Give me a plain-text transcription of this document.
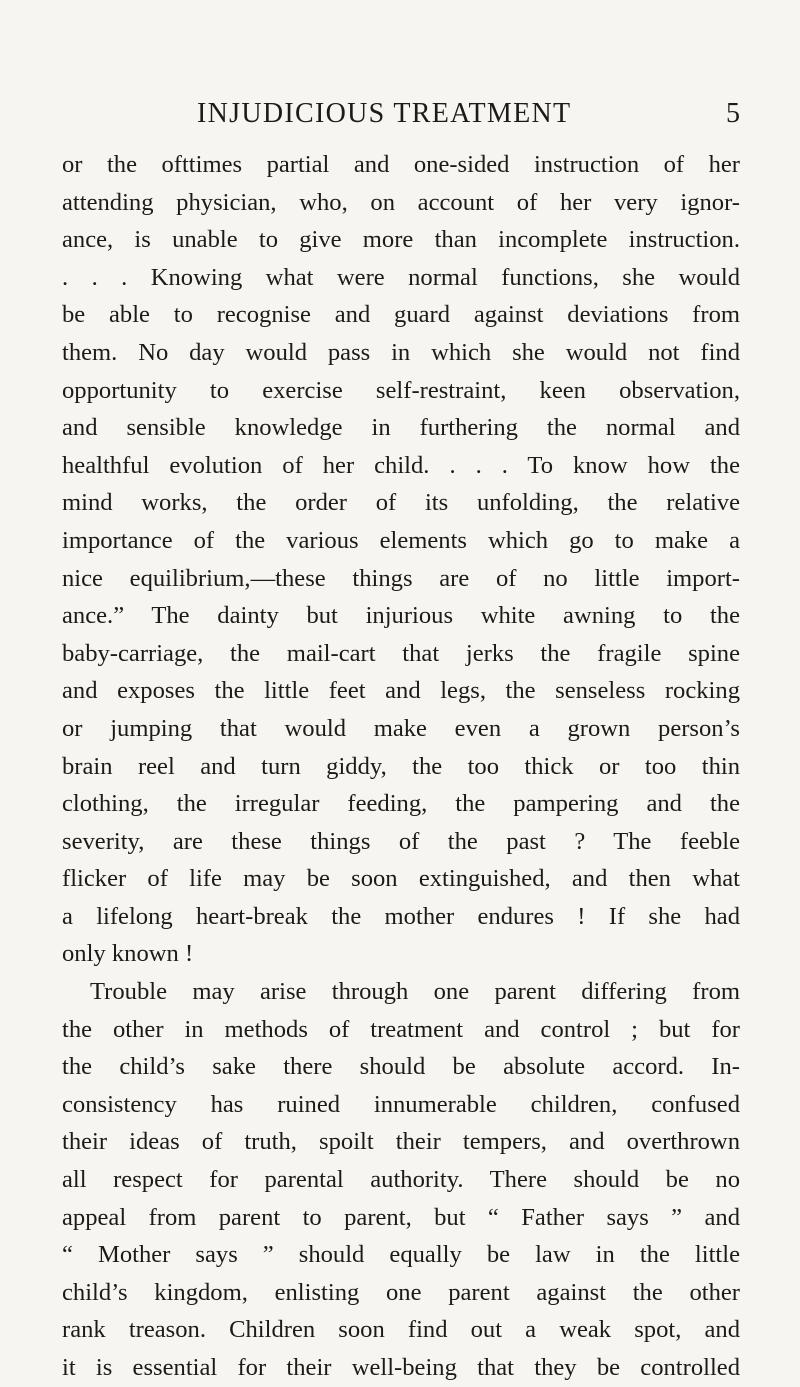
INJUDICIOUS TREATMENT	5
or the ofttimes partial and one-sided instruction of her
attending physician, who, on account of her very ignor-
ance, is unable to give more than incomplete instruction.
. . . Knowing what were normal functions, she would
be able to recognise and guard against deviations from
them. No day would pass in which she would not find
opportunity to exercise self-restraint, keen observation,
and sensible knowledge in furthering the normal and
healthful evolution of her child. . . . To know how the
mind works, the order of its unfolding, the relative
importance of the various elements which go to make a
nice equilibrium,—these things are of no little import-
ance.” The dainty but injurious white awning to the
baby-carriage, the mail-cart that jerks the fragile spine
and exposes the little feet and legs, the senseless rocking
or jumping that would make even a grown person’s
brain reel and turn giddy, the too thick or too thin
clothing, the irregular feeding, the pampering and the
severity, are these things of the past ? The feeble
flicker of life may be soon extinguished, and then what
a lifelong heart-break the mother endures ! If she had
only known !
Trouble may arise through one parent differing from
the other in methods of treatment and control ; but for
the child’s sake there should be absolute accord. In-
consistency has ruined innumerable children, confused
their ideas of truth, spoilt their tempers, and overthrown
all respect for parental authority. There should be no
appeal from parent to parent, but “ Father says ” and
“ Mother says ” should equally be law in the little
child’s kingdom, enlisting one parent against the other
rank treason. Children soon find out a weak spot, and
it is essential for their well-being that they be controlled
